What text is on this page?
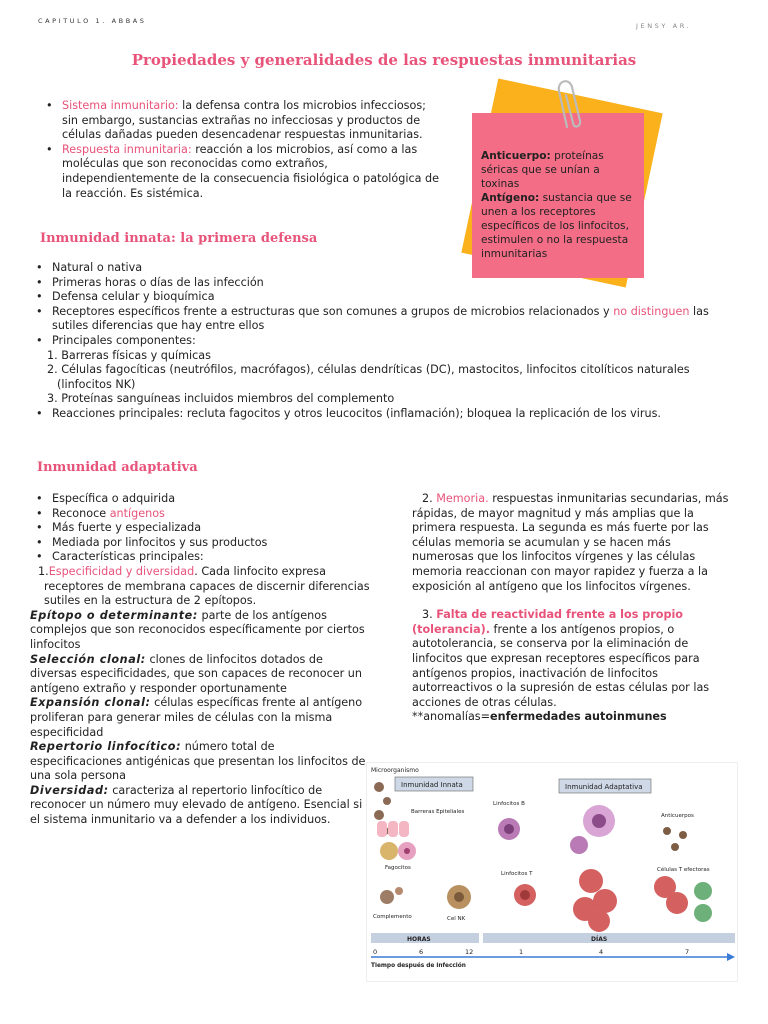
CAPITULO 1. ABBAS
JENSY AR.
Propiedades y generalidades de las respuestas inmunitarias
• Sistema inmunitario: la defensa contra los microbios infecciosos; sin embargo, sustancias extrañas no infecciosas y productos de células dañadas pueden desencadenar respuestas inmunitarias.
• Respuesta inmunitaria: reacción a los microbios, así como a las moléculas que son reconocidas como extraños, independientemente de la consecuencia fisiológica o patológica de la reacción. Es sistémica.
Anticuerpo: proteínas séricas que se unían a toxinas
Antígeno: sustancia que se unen a los receptores específicos de los linfocitos, estimulen o no la respuesta inmunitarias
Inmunidad innata: la primera defensa
• Natural o nativa
• Primeras horas o días de las infección
• Defensa celular y bioquímica
• Receptores específicos frente a estructuras que son comunes a grupos de microbios relacionados y no distinguen las sutiles diferencias que hay entre ellos
• Principales componentes:
1. Barreras físicas y químicas
2. Células fagocíticas (neutrófilos, macrófagos), células dendríticas (DC), mastocitos, linfocitos citolíticos naturales (linfocitos NK)
3. Proteínas sanguíneas incluidos miembros del complemento
• Reacciones principales: recluta fagocitos y otros leucocitos (inflamación); bloquea la replicación de los virus.
Inmunidad adaptativa
• Específica o adquirida
• Reconoce antígenos
• Más fuerte y especializada
• Mediada por linfocitos y sus productos
• Características principales:
1.Especificidad y diversidad. Cada linfocito expresa receptores de membrana capaces de discernir diferencias sutiles en la estructura de 2 epítopos.
Epítopo o determinante: parte de los antígenos complejos que son reconocidos específicamente por ciertos linfocitos
Selección clonal: clones de linfocitos dotados de diversas especificidades, que son capaces de reconocer un antígeno extraño y responder oportunamente
Expansión clonal: células específicas frente al antígeno proliferan para generar miles de células con la misma especificidad
Repertorio linfocítico: número total de especificaciones antigénicas que presentan los linfocitos de una sola persona
Diversidad: caracteriza al repertorio linfocítico de reconocer un número muy elevado de antígeno. Esencial si el sistema inmunitario va a defender a los individuos.
2. Memoria. respuestas inmunitarias secundarias, más rápidas, de mayor magnitud y más amplias que la primera respuesta. La segunda es más fuerte por las células memoria se acumulan y se hacen más numerosas que los linfocitos vírgenes y las células memoria reaccionan con mayor rapidez y fuerza a la exposición al antígeno que los linfocitos vírgenes.
3. Falta de reactividad frente a los propio (tolerancia). frente a los antígenos propios, o autotolerancia, se conserva por la eliminación de linfocitos que expresan receptores específicos para antígenos propios, inactivación de linfocitos autorreactivos o la supresión de estas células por las acciones de otras células.
**anomalías=enfermedades autoinmunes
Microorganismo
Inmunidad Innata	Inmunidad Adaptativa
Barreras Epiteliales
Fagocitos
Complemento	Cel NK
Linfocitos B
Anticuerpos
Linfocitos T
Células T efectoras
HORAS	DÍAS
0	6	12	1	4	7
Tiempo después de infección
